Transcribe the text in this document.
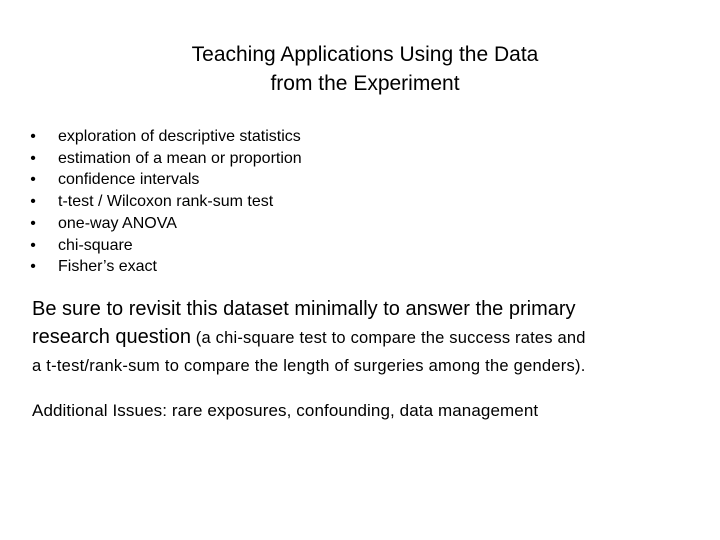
Teaching Applications Using the Data
from the Experiment
• exploration of descriptive statistics
• estimation of a mean or proportion
• confidence intervals
• t-test / Wilcoxon rank-sum test
• one-way ANOVA
• chi-square
• Fisher’s exact
Be sure to revisit this dataset minimally to answer the primary
research question (a chi-square test to compare the success rates and
a t-test/rank-sum to compare the length of surgeries among the genders).
Additional Issues: rare exposures, confounding, data management
